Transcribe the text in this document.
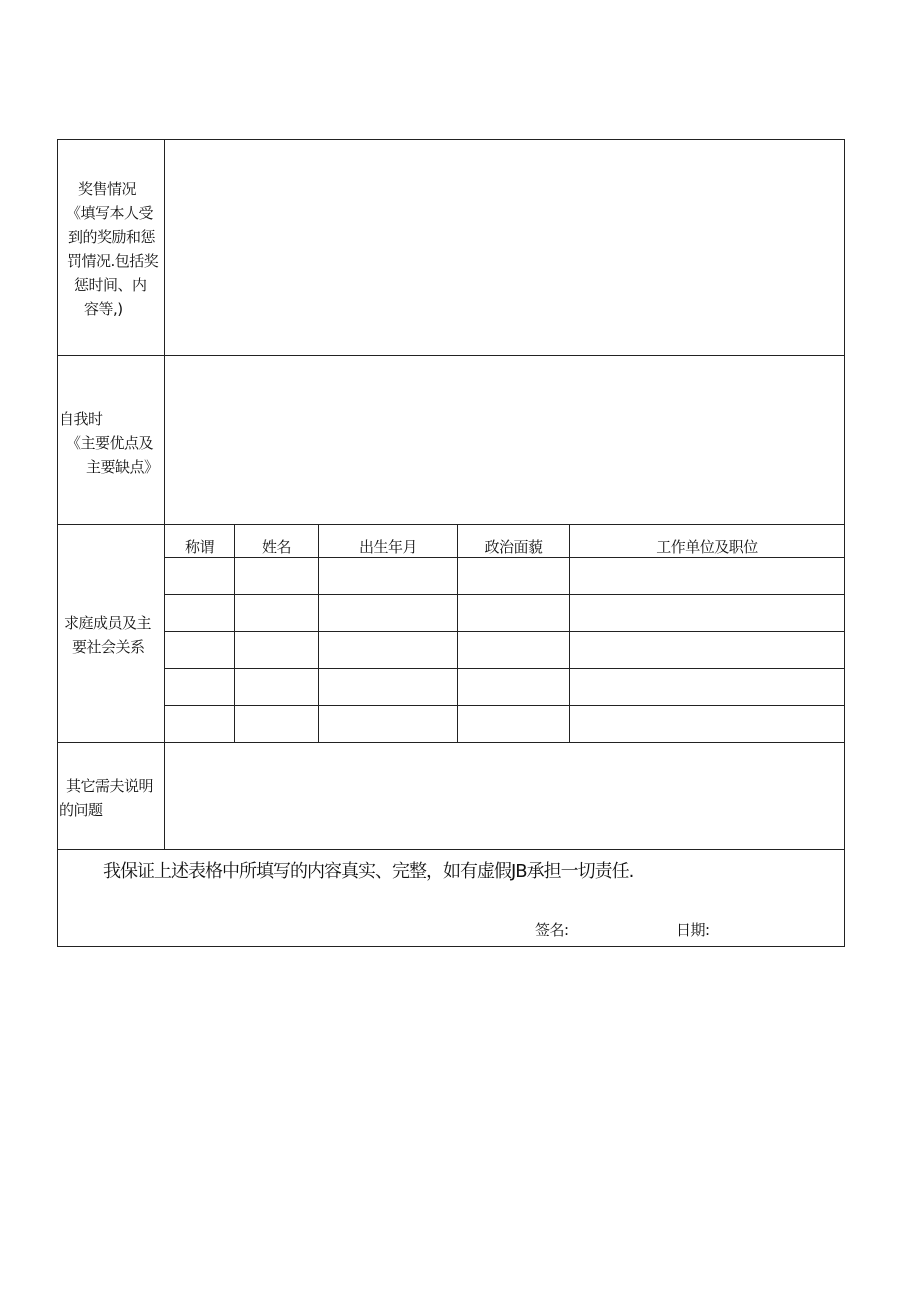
奖售情况
《填写本人受
到的奖励和惩
罚情况.包括奖
惩时间、内
容等,)
自我时
《主要优点及
主要缺点》
求庭成员及主
要社会关系
称谓	姓名	出生年月	政治面藐	工作单位及职位
其它需夫说明
的问题
我保证上述表格中所填写的内容真实、完整，如有虚假JB承担一切责任.
签名:	日期:
